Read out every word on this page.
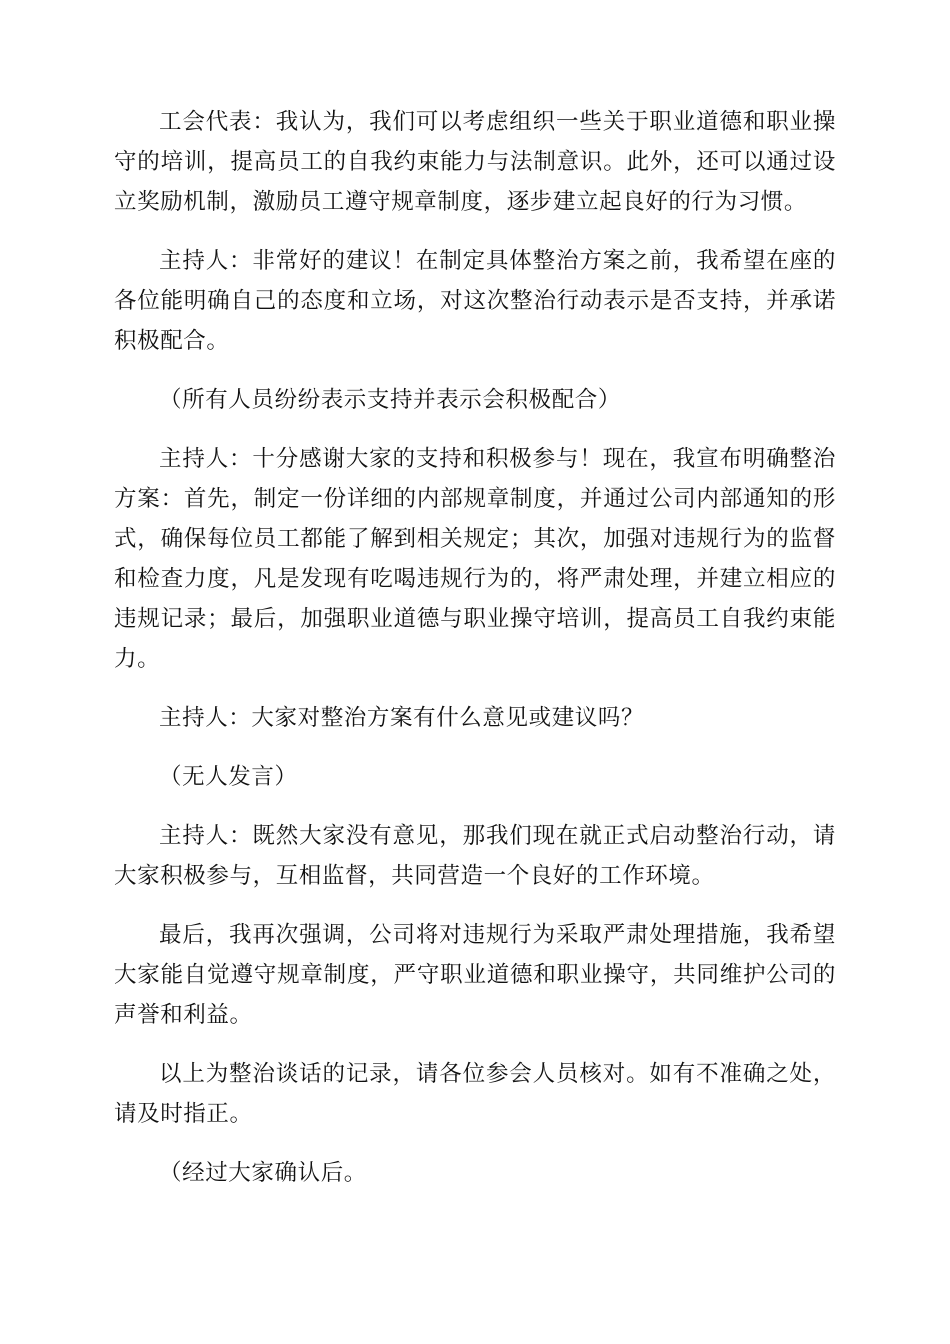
工会代表：我认为，我们可以考虑组织一些关于职业道德和职业操守的培训，提高员工的自我约束能力与法制意识。此外，还可以通过设立奖励机制，激励员工遵守规章制度，逐步建立起良好的行为习惯。

主持人：非常好的建议！在制定具体整治方案之前，我希望在座的各位能明确自己的态度和立场，对这次整治行动表示是否支持，并承诺积极配合。

（所有人员纷纷表示支持并表示会积极配合）

主持人：十分感谢大家的支持和积极参与！现在，我宣布明确整治方案：首先，制定一份详细的内部规章制度，并通过公司内部通知的形式，确保每位员工都能了解到相关规定；其次，加强对违规行为的监督和检查力度，凡是发现有吃喝违规行为的，将严肃处理，并建立相应的违规记录；最后，加强职业道德与职业操守培训，提高员工自我约束能力。

主持人：大家对整治方案有什么意见或建议吗？

（无人发言）

主持人：既然大家没有意见，那我们现在就正式启动整治行动，请大家积极参与，互相监督，共同营造一个良好的工作环境。

最后，我再次强调，公司将对违规行为采取严肃处理措施，我希望大家能自觉遵守规章制度，严守职业道德和职业操守，共同维护公司的声誉和利益。

以上为整治谈话的记录，请各位参会人员核对。如有不准确之处，请及时指正。

（经过大家确认后。
